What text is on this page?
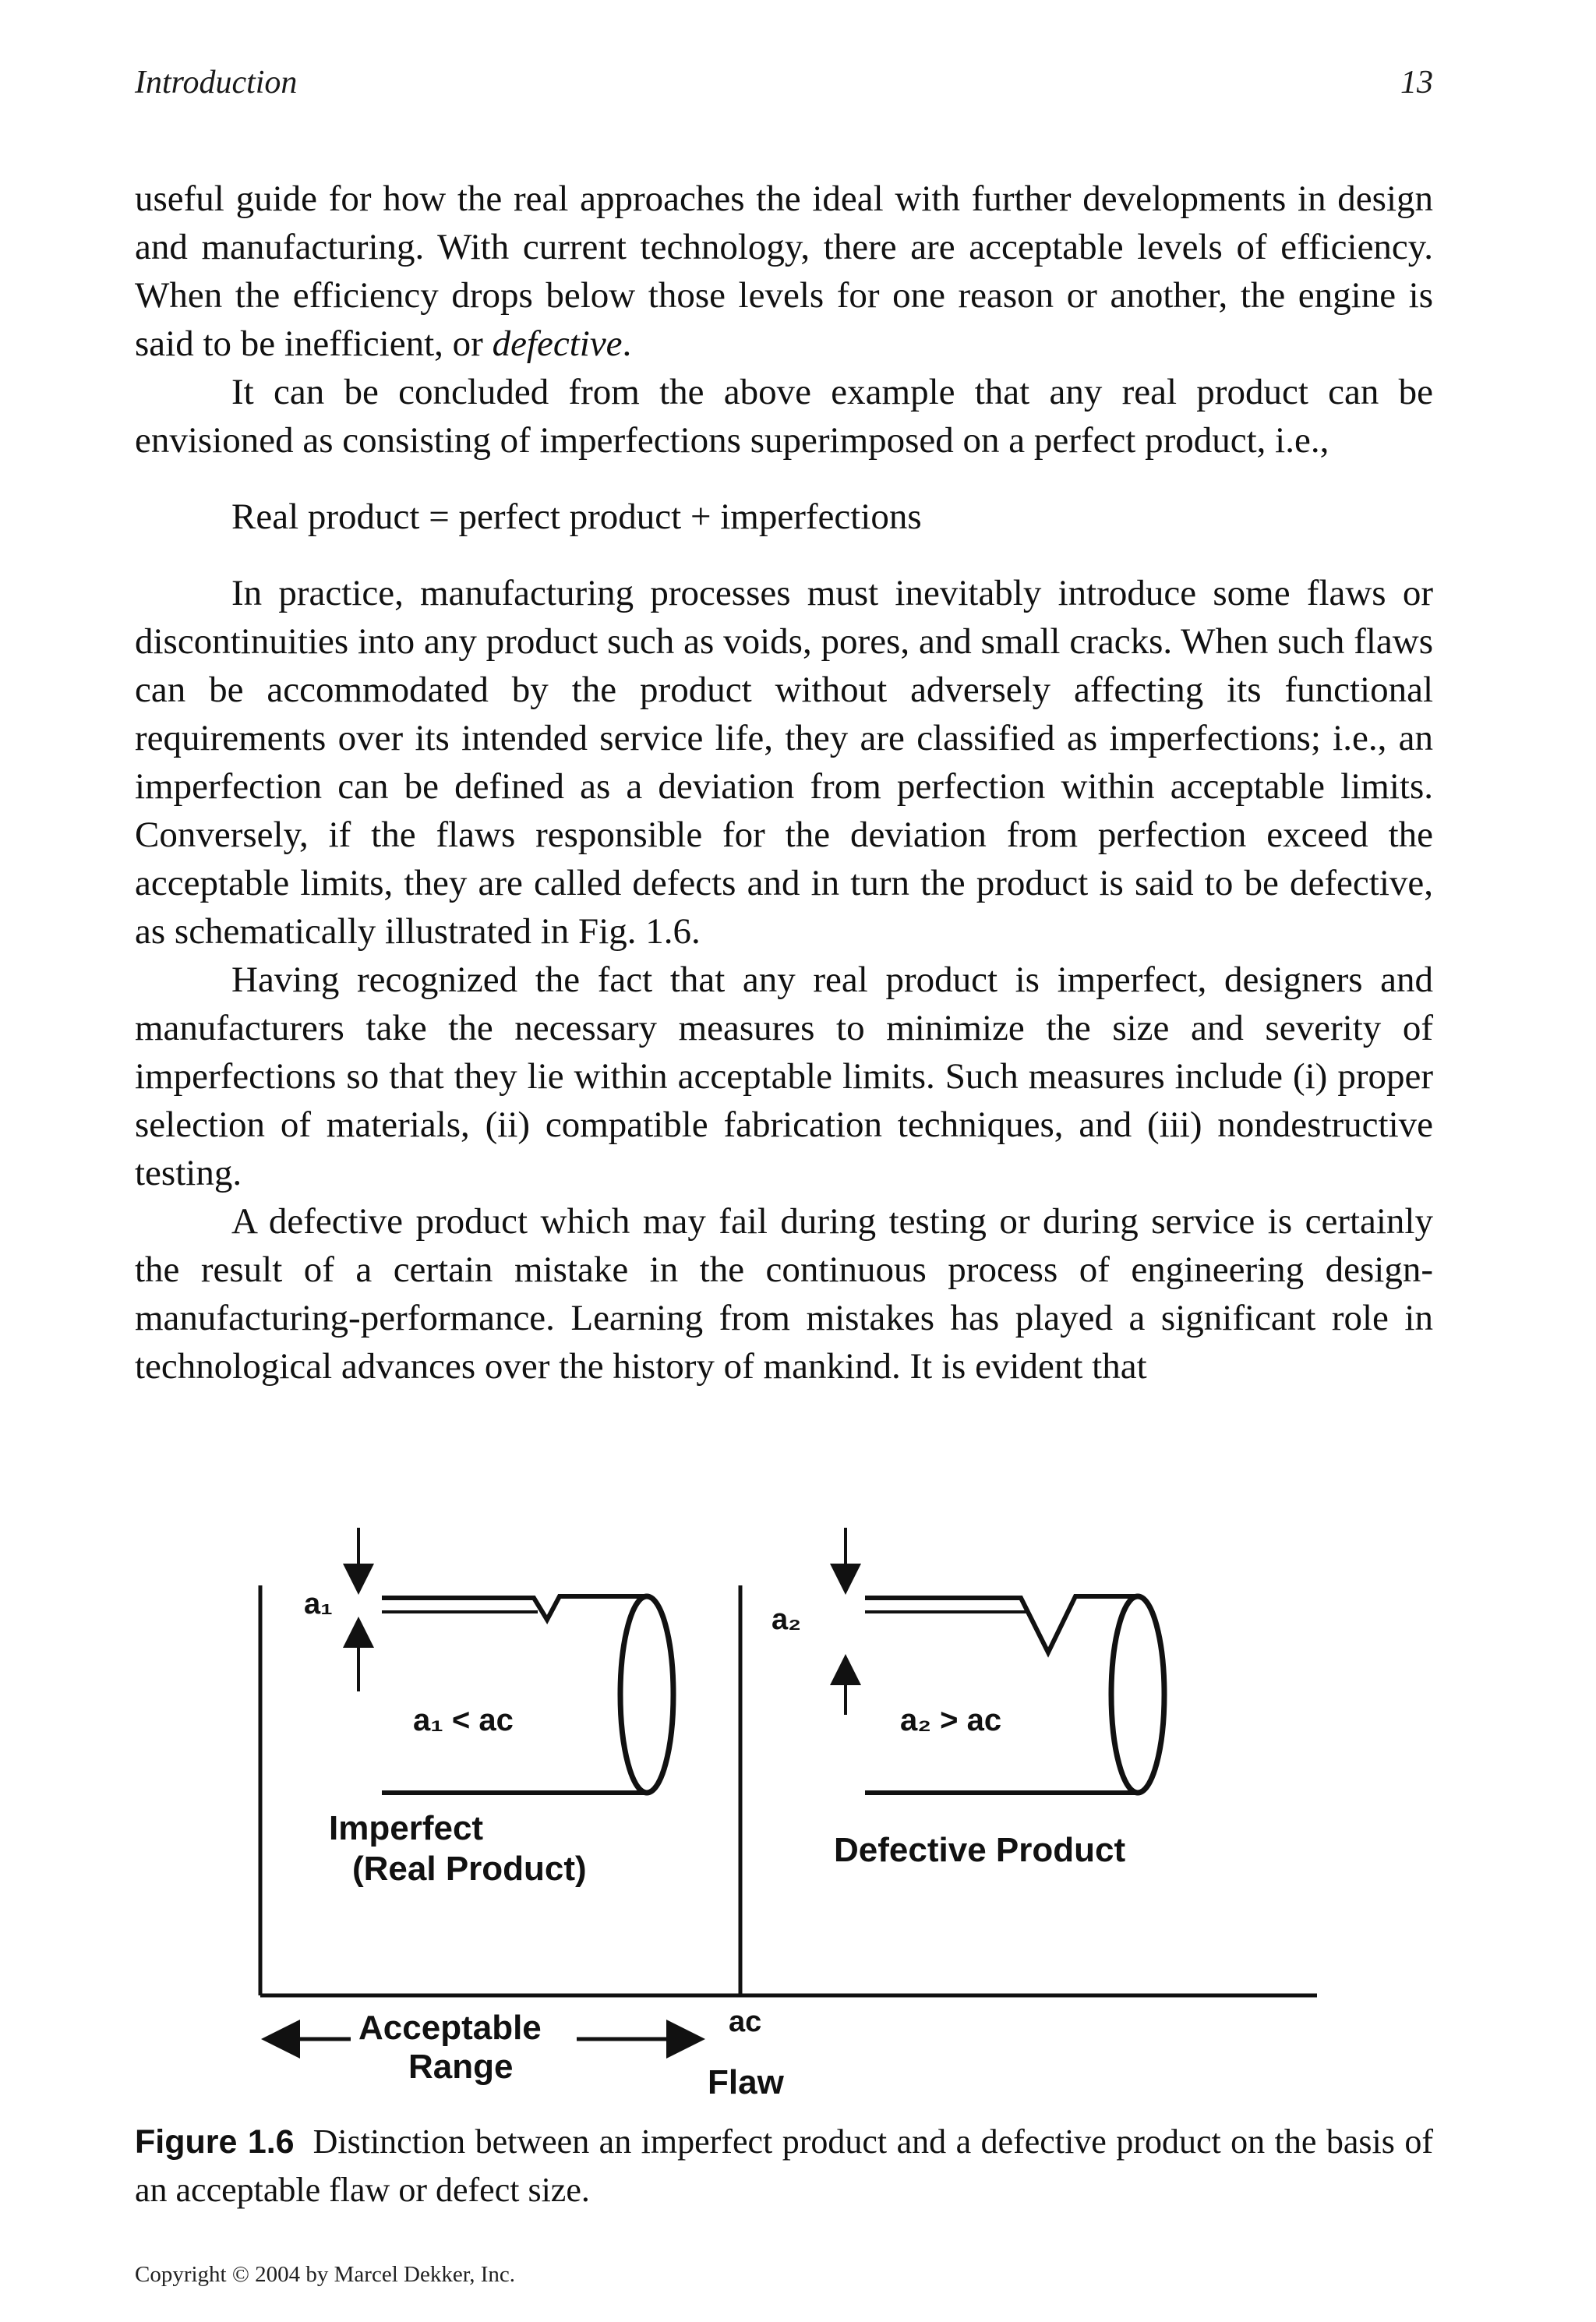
Introduction	13

useful guide for how the real approaches the ideal with further developments in design and manufacturing. With current technology, there are acceptable levels of efficiency. When the efficiency drops below those levels for one reason or another, the engine is said to be inefficient, or defective.

It can be concluded from the above example that any real product can be envisioned as consisting of imperfections superimposed on a perfect product, i.e.,

Real product = perfect product + imperfections

In practice, manufacturing processes must inevitably introduce some flaws or discontinuities into any product such as voids, pores, and small cracks. When such flaws can be accommodated by the product without adversely affecting its functional requirements over its intended service life, they are classified as imperfections; i.e., an imperfection can be defined as a deviation from perfection within acceptable limits. Conversely, if the flaws responsible for the deviation from perfection exceed the acceptable limits, they are called defects and in turn the product is said to be defective, as schematically illustrated in Fig. 1.6.

Having recognized the fact that any real product is imperfect, designers and manufacturers take the necessary measures to minimize the size and severity of imperfections so that they lie within acceptable limits. Such measures include (i) proper selection of materials, (ii) compatible fabrication techniques, and (iii) nondestructive testing.

A defective product which may fail during testing or during service is certainly the result of a certain mistake in the continuous process of engineering design-manufacturing-performance. Learning from mistakes has played a significant role in technological advances over the history of mankind. It is evident that

a₁
a₁ < aᴄ
Imperfect
(Real Product)
a₂
a₂ > aᴄ
Defective Product
Acceptable
Range
aᴄ
Flaw
Figure 1.6 Distinction between an imperfect product and a defective product on the basis of an acceptable flaw or defect size.
Copyright © 2004 by Marcel Dekker, Inc.
